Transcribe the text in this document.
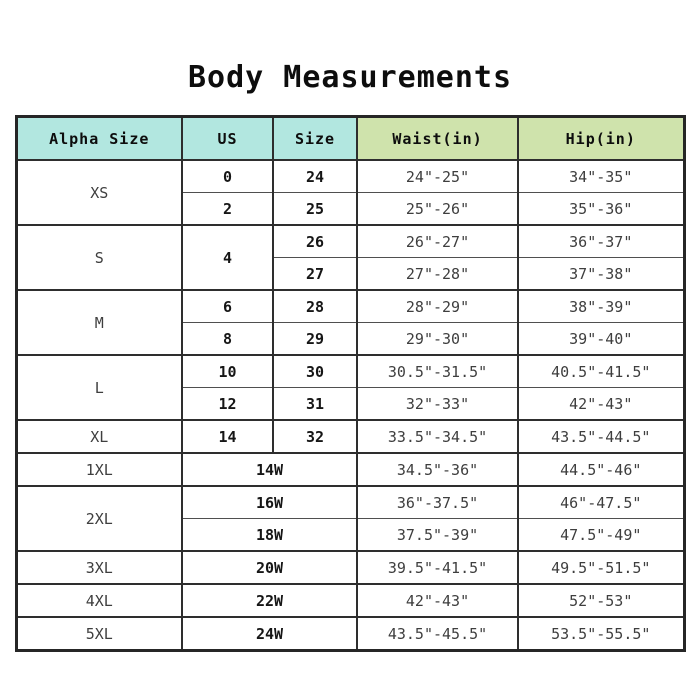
Body Measurements
Alpha Size	US	Size	Waist(in)	Hip(in)
XS	0	24	24"-25"	34"-35"
	2	25	25"-26"	35"-36"
S	4	26	26"-27"	36"-37"
		27	27"-28"	37"-38"
M	6	28	28"-29"	38"-39"
	8	29	29"-30"	39"-40"
L	10	30	30.5"-31.5"	40.5"-41.5"
	12	31	32"-33"	42"-43"
XL	14	32	33.5"-34.5"	43.5"-44.5"
1XL	14W		34.5"-36"	44.5"-46"
2XL	16W		36"-37.5"	46"-47.5"
	18W		37.5"-39"	47.5"-49"
3XL	20W		39.5"-41.5"	49.5"-51.5"
4XL	22W		42"-43"	52"-53"
5XL	24W		43.5"-45.5"	53.5"-55.5"
